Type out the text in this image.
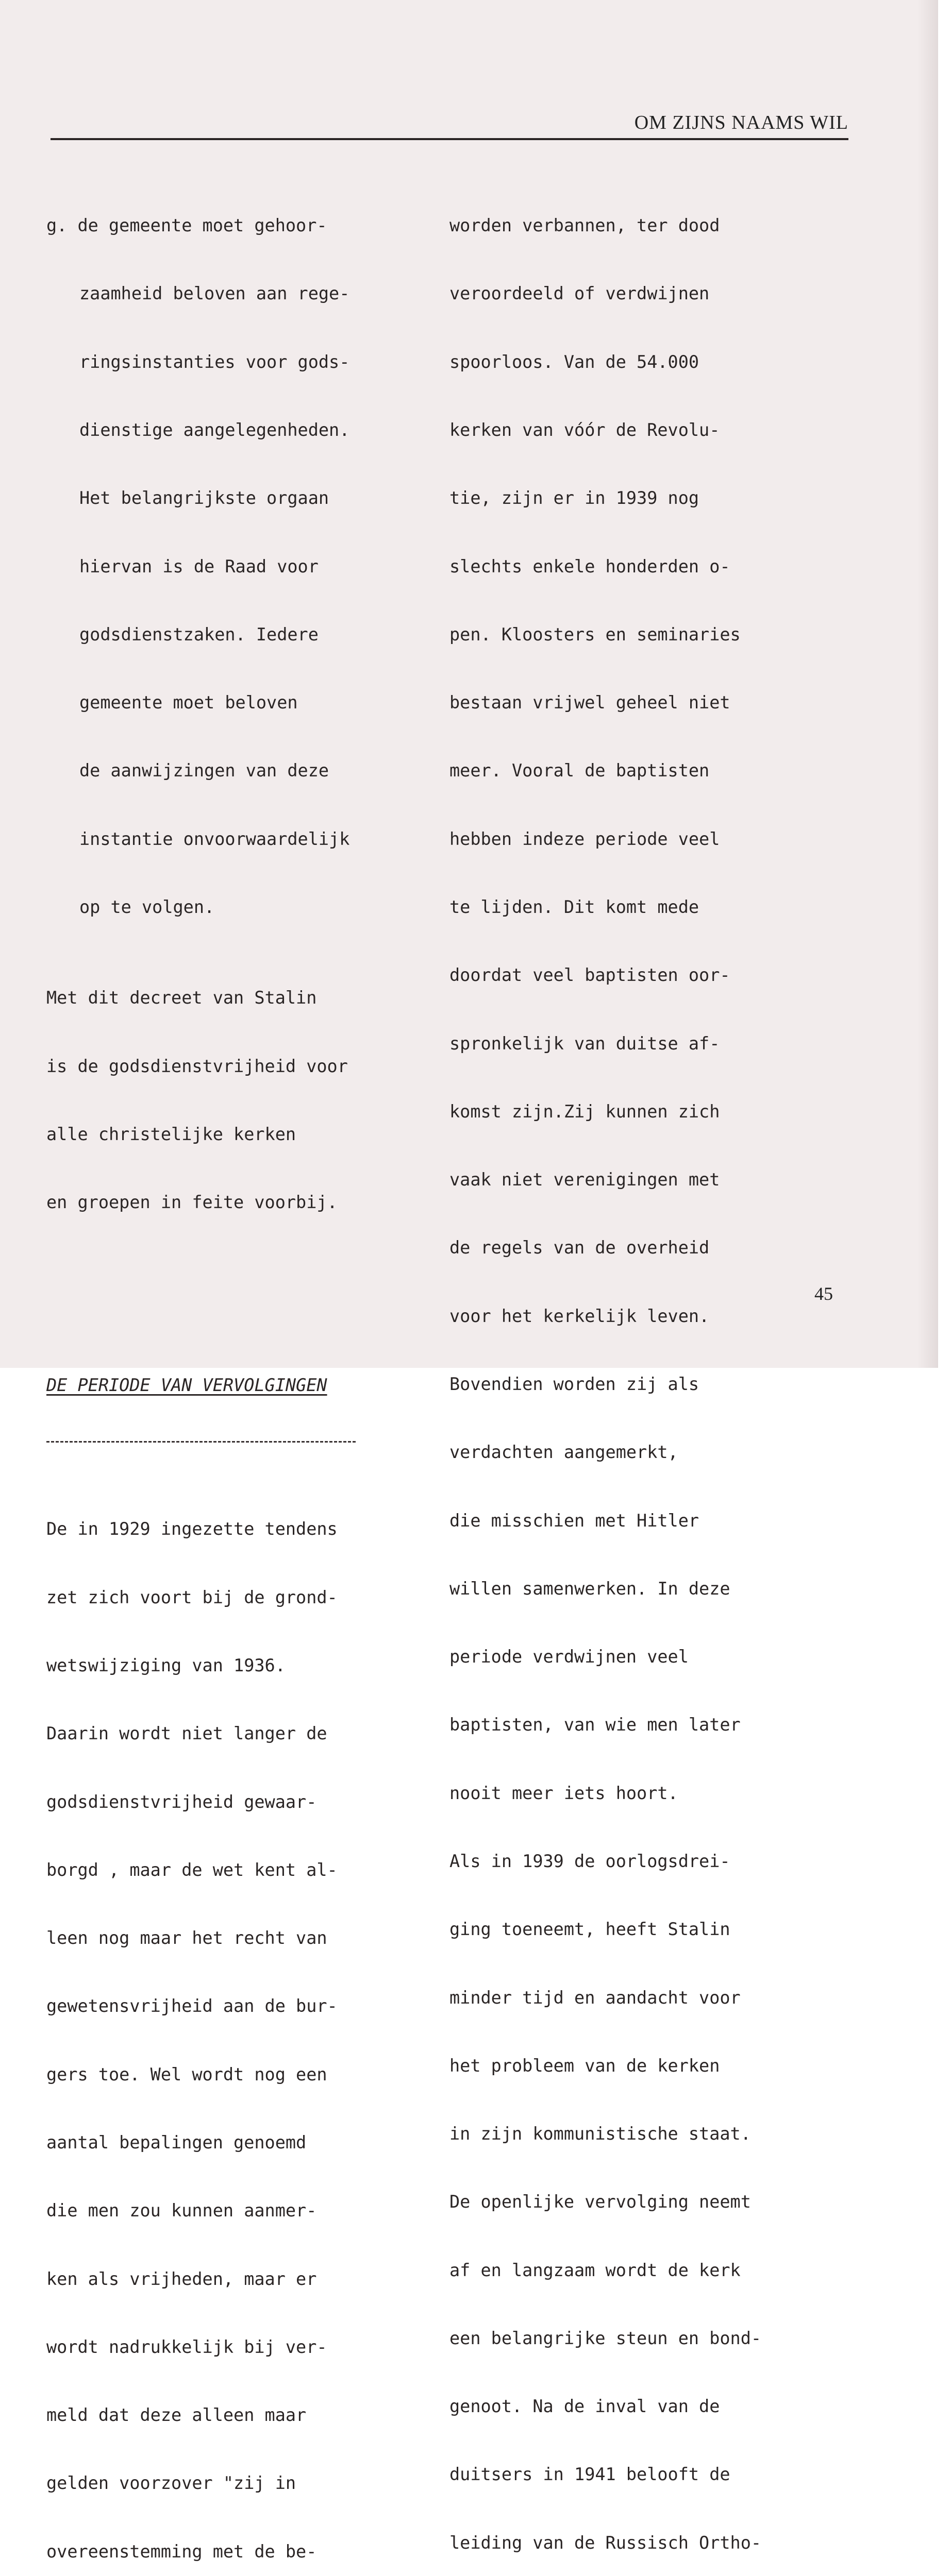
OM ZIJNS NAAMS WIL

g. de gemeente moet gehoor-

zaamheid beloven aan rege-

ringsinstanties voor gods-

dienstige aangelegenheden.

Het belangrijkste orgaan

hiervan is de Raad voor

godsdienstzaken. Iedere

gemeente moet beloven

de aanwijzingen van deze

instantie onvoorwaardelijk

op te volgen.

Met dit decreet van Stalin

is de godsdienstvrijheid voor

alle christelijke kerken

en groepen in feite voorbij.

DE PERIODE VAN VERVOLGINGEN

De in 1929 ingezette tendens

zet zich voort bij de grond-

wetswijziging van 1936.

Daarin wordt niet langer de

godsdienstvrijheid gewaar-

borgd , maar de wet kent al-

leen nog maar het recht van

gewetensvrijheid aan de bur-

gers toe. Wel wordt nog een

aantal bepalingen genoemd

die men zou kunnen aanmer-

ken als vrijheden, maar er

wordt nadrukkelijk bij ver-

meld dat deze alleen maar

gelden voorzover "zij in

overeenstemming met de be-

worden verbannen, ter dood

veroordeeld of verdwijnen

spoorloos. Van de 54.000

kerken van vóór de Revolu-

tie, zijn er in 1939 nog

slechts enkele honderden o-

pen. Kloosters en seminaries

bestaan vrijwel geheel niet

meer. Vooral de baptisten

hebben indeze periode veel

te lijden. Dit komt mede

doordat veel baptisten oor-

spronkelijk van duitse af-

komst zijn.Zij kunnen zich

vaak niet verenigingen met

de regels van de overheid

voor het kerkelijk leven.

Bovendien worden zij als

verdachten aangemerkt,

die misschien met Hitler

willen samenwerken. In deze

periode verdwijnen veel

baptisten, van wie men later

nooit meer iets hoort.

Als in 1939 de oorlogsdrei-

ging toeneemt, heeft Stalin

minder tijd en aandacht voor

het probleem van de kerken

in zijn kommunistische staat.

De openlijke vervolging neemt

af en langzaam wordt de kerk

een belangrijke steun en bond-

genoot. Na de inval van de

duitsers in 1941 belooft de

leiding van de Russisch Ortho-

45
